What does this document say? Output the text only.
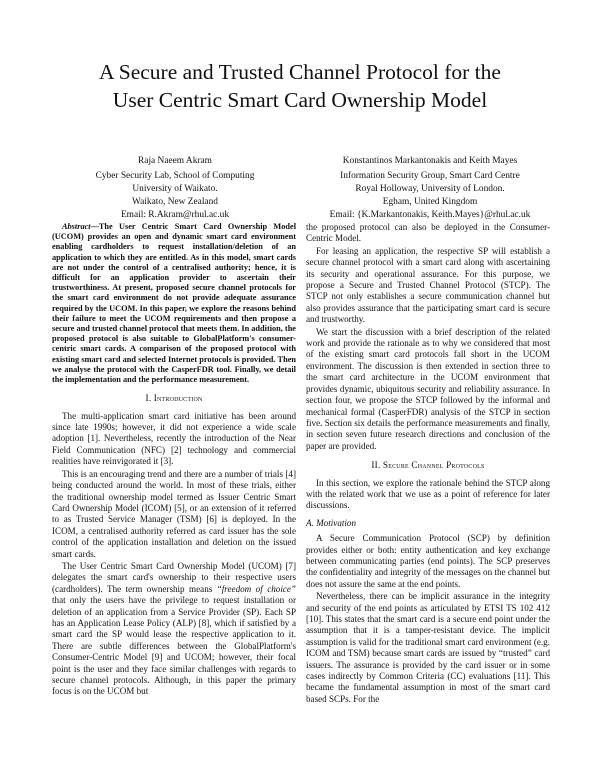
A Secure and Trusted Channel Protocol for the
User Centric Smart Card Ownership Model
Raja Naeem Akram
Cyber Security Lab, School of Computing
University of Waikato.
Waikato, New Zealand
Email: R.Akram@rhul.ac.uk
Konstantinos Markantonakis and Keith Mayes
Information Security Group, Smart Card Centre
Royal Holloway, University of London.
Egham, United Kingdom
Email: {K.Markantonakis, Keith.Mayes}@rhul.ac.uk

Abstract—The User Centric Smart Card Ownership Model (UCOM) provides an open and dynamic smart card environment enabling cardholders to request installation/deletion of an application to which they are entitled. As in this model, smart cards are not under the control of a centralised authority; hence, it is difficult for an application provider to ascertain their trustworthiness. At present, proposed secure channel protocols for the smart card environment do not provide adequate assurance required by the UCOM. In this paper, we explore the reasons behind their failure to meet the UCOM requirements and then propose a secure and trusted channel protocol that meets them. In addition, the proposed protocol is also suitable to GlobalPlatform's consumer-centric smart cards. A comparison of the proposed protocol with existing smart card and selected Internet protocols is provided. Then we analyse the protocol with the CasperFDR tool. Finally, we detail the implementation and the performance measurement.

I. Introduction

The multi-application smart card initiative has been around since late 1990s; however, it did not experience a wide scale adoption [1]. Nevertheless, recently the introduction of the Near Field Communication (NFC) [2] technology and commercial realities have reinvigorated it [3].

This is an encouraging trend and there are a number of trials [4] being conducted around the world. In most of these trials, either the traditional ownership model termed as Issuer Centric Smart Card Ownership Model (ICOM) [5], or an extension of it referred to as Trusted Service Manager (TSM) [6] is deployed. In the ICOM, a centralised authority referred as card issuer has the sole control of the application installation and deletion on the issued smart cards.

The User Centric Smart Card Ownership Model (UCOM) [7] delegates the smart card's ownership to their respective users (cardholders). The term ownership means “freedom of choice” that only the users have the privilege to request installation or deletion of an application from a Service Provider (SP). Each SP has an Application Lease Policy (ALP) [8], which if satisfied by a smart card the SP would lease the respective application to it. There are subtle differences between the GlobalPlatform's Consumer-Centric Model [9] and UCOM; however, their focal point is the user and they face similar challenges with regards to secure channel protocols. Although, in this paper the primary focus is on the UCOM but

the proposed protocol can also be deployed in the Consumer-Centric Model.

For leasing an application, the respective SP will establish a secure channel protocol with a smart card along with ascertaining its security and operational assurance. For this purpose, we propose a Secure and Trusted Channel Protocol (STCP). The STCP not only establishes a secure communication channel but also provides assurance that the participating smart card is secure and trustworthy.

We start the discussion with a brief description of the related work and provide the rationale as to why we considered that most of the existing smart card protocols fall short in the UCOM environment. The discussion is then extended in section three to the smart card architecture in the UCOM environment that provides dynamic, ubiquitous security and reliability assurance. In section four, we propose the STCP followed by the informal and mechanical formal (CasperFDR) analysis of the STCP in section five. Section six details the performance measurements and finally, in section seven future research directions and conclusion of the paper are provided.

II. Secure Channel Protocols

In this section, we explore the rationale behind the STCP along with the related work that we use as a point of reference for later discussions.

A. Motivation

A Secure Communication Protocol (SCP) by definition provides either or both: entity authentication and key exchange between communicating parties (end points). The SCP preserves the confidentiality and integrity of the messages on the channel but does not assure the same at the end points.

Nevertheless, there can be implicit assurance in the integrity and security of the end points as articulated by ETSI TS 102 412 [10]. This states that the smart card is a secure end point under the assumption that it is a tamper-resistant device. The implicit assumption is valid for the traditional smart card environment (e.g. ICOM and TSM) because smart cards are issued by “trusted” card issuers. The assurance is provided by the card issuer or in some cases indirectly by Common Criteria (CC) evaluations [11]. This became the fundamental assumption in most of the smart card based SCPs. For the
